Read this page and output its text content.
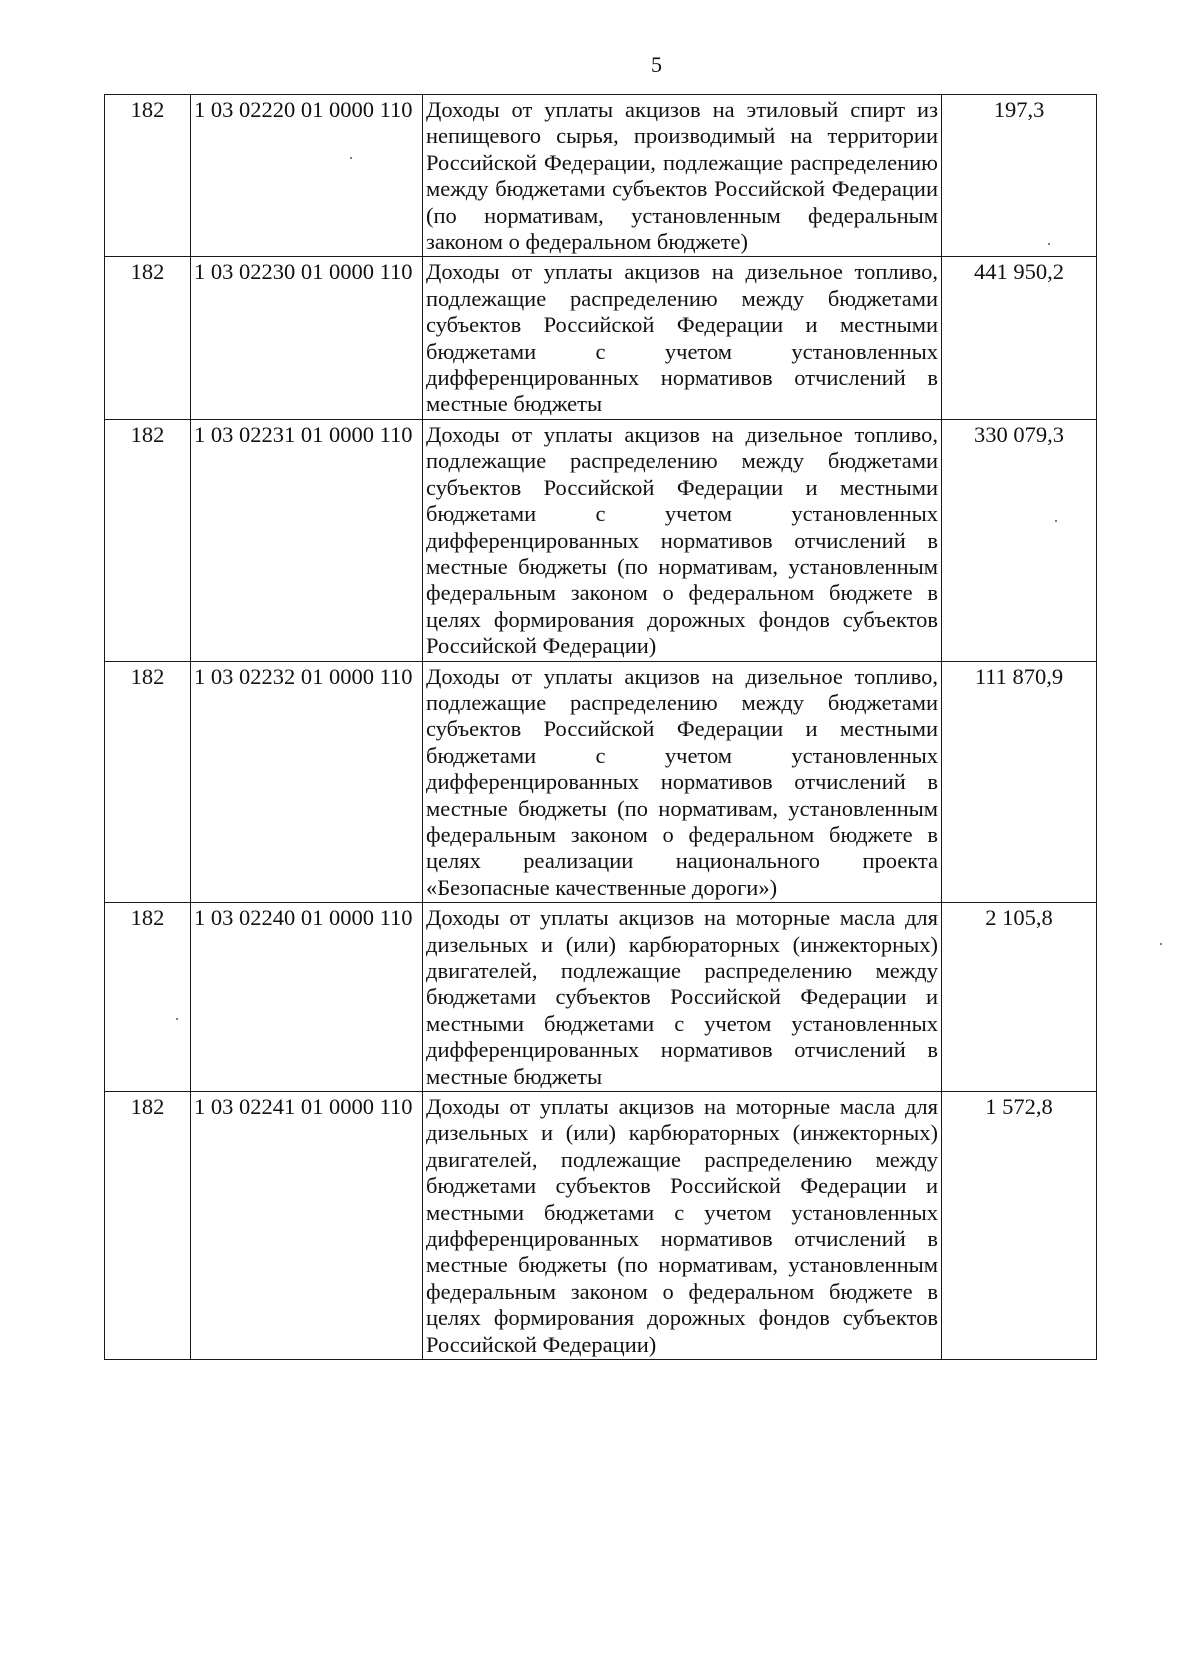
5
182	1 03 02220 01 0000 110	Доходы от уплаты акцизов на этиловый спирт из непищевого сырья, производимый на территории Российской Федерации, подлежащие распределению между бюджетами субъектов Российской Федерации (по нормативам, установленным федеральным законом о федеральном бюджете)	197,3
182	1 03 02230 01 0000 110	Доходы от уплаты акцизов на дизельное топливо, подлежащие распределению между бюджетами субъектов Российской Федерации и местными бюджетами с учетом установленных дифференцированных нормативов отчислений в местные бюджеты	441 950,2
182	1 03 02231 01 0000 110	Доходы от уплаты акцизов на дизельное топливо, подлежащие распределению между бюджетами субъектов Российской Федерации и местными бюджетами с учетом установленных дифференцированных нормативов отчислений в местные бюджеты (по нормативам, установленным федеральным законом о федеральном бюджете в целях формирования дорожных фондов субъектов Российской Федерации)	330 079,3
182	1 03 02232 01 0000 110	Доходы от уплаты акцизов на дизельное топливо, подлежащие распределению между бюджетами субъектов Российской Федерации и местными бюджетами с учетом установленных дифференцированных нормативов отчислений в местные бюджеты (по нормативам, установленным федеральным законом о федеральном бюджете в целях реализации национального проекта «Безопасные качественные дороги»)	111 870,9
182	1 03 02240 01 0000 110	Доходы от уплаты акцизов на моторные масла для дизельных и (или) карбюраторных (инжекторных) двигателей, подлежащие распределению между бюджетами субъектов Российской Федерации и местными бюджетами с учетом установленных дифференцированных нормативов отчислений в местные бюджеты	2 105,8
182	1 03 02241 01 0000 110	Доходы от уплаты акцизов на моторные масла для дизельных и (или) карбюраторных (инжекторных) двигателей, подлежащие распределению между бюджетами субъектов Российской Федерации и местными бюджетами с учетом установленных дифференцированных нормативов отчислений в местные бюджеты (по нормативам, установленным федеральным законом о федеральном бюджете в целях формирования дорожных фондов субъектов Российской Федерации)	1 572,8
